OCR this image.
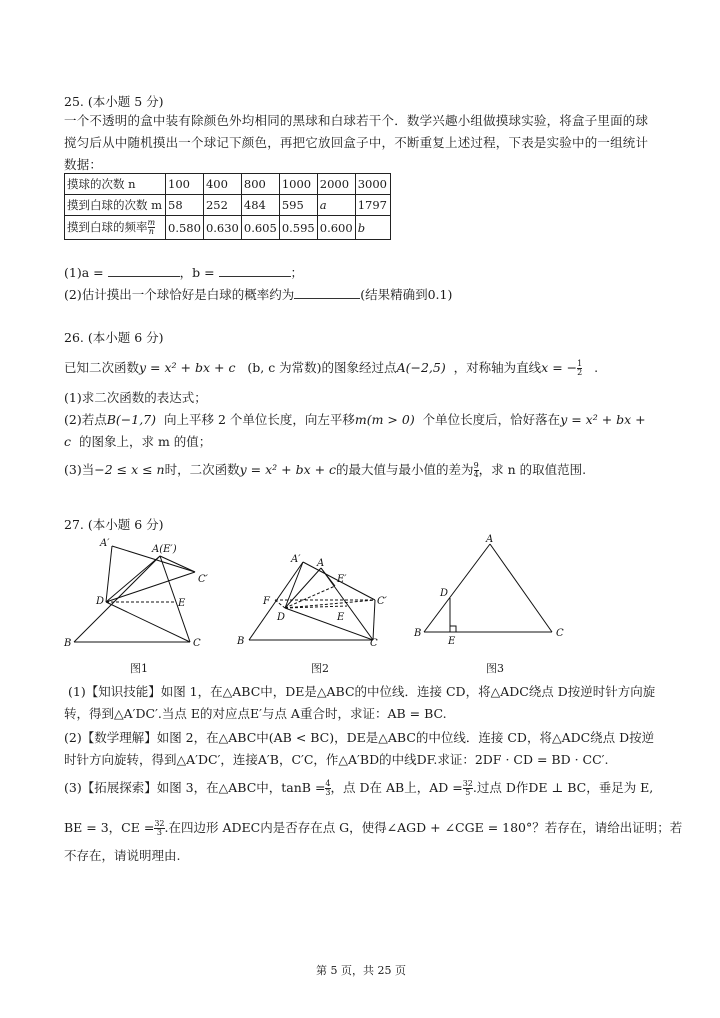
25. (本小题 5 分)
一个不透明的盒中装有除颜色外均相同的黑球和白球若干个．数学兴趣小组做摸球实验，将盒子里面的球搅匀后从中随机摸出一个球记下颜色，再把它放回盒子中，不断重复上述过程，下表是实验中的一组统计数据：
摸球的次数 n	100	400	800	1000	2000	3000
摸到白球的次数 m	58	252	484	595	a	1797
摸到白球的频率 $\frac{m}{n}$	0.580	0.630	0.605	0.595	0.600	b
(1)a =	，b =	；
(2)估计摸出一个球恰好是白球的概率约为	(结果精确到0.1)
26. (本小题 6 分)
已知二次函数y = x² + bx + c (b, c 为常数)的图象经过点A(−2,5) ，对称轴为直线x = − $\frac{1}{2}$ .
(1)求二次函数的表达式；
(2)若点B(−1,7) 向上平移 2 个单位长度，向左平移m(m > 0) 个单位长度后，恰好落在y = x² + bx +
c 的图象上，求 m 的值；
(3)当−2 ≤ x ≤ n时，二次函数y = x² + bx + c的最大值与最小值的差为 $\frac{9}{4}$ ，求 n 的取值范围.
27. (本小题 6 分)
A′
A(E′)
C′
D	E
B	C
图1
A′ A
E′
F	C′
D	E
B	C
图2
A
D
B
E
C
图3
(1)【知识技能】如图 1，在△ABC中，DE是△ABC的中位线．连接 CD，将△ADC绕点 D按逆时针方向旋
转，得到△A′DC′.当点 E的对应点E′与点 A重合时，求证：AB = BC.
(2)【数学理解】如图 2，在△ABC中(AB < BC)，DE是△ABC的中位线．连接 CD，将△ADC绕点 D按逆
时针方向旋转，得到△A′DC′，连接A′B，C′C，作△A′BD的中线DF.求证：2DF · CD = BD · CC′.
(3)【拓展探索】如图 3，在△ABC中，$\tan B = \frac{4}{3}$ ，点 D在 AB上，AD = $\frac{32}{5}$ .过点 D作DE ⊥ BC，垂足为 E,
BE = 3，CE = $\frac{32}{3}$ .在四边形 ADEC内是否存在点 G，使得∠AGD + ∠CGE = 180°？若存在，请给出证明；若
不存在，请说明理由.
第 5 页，共 25 页
